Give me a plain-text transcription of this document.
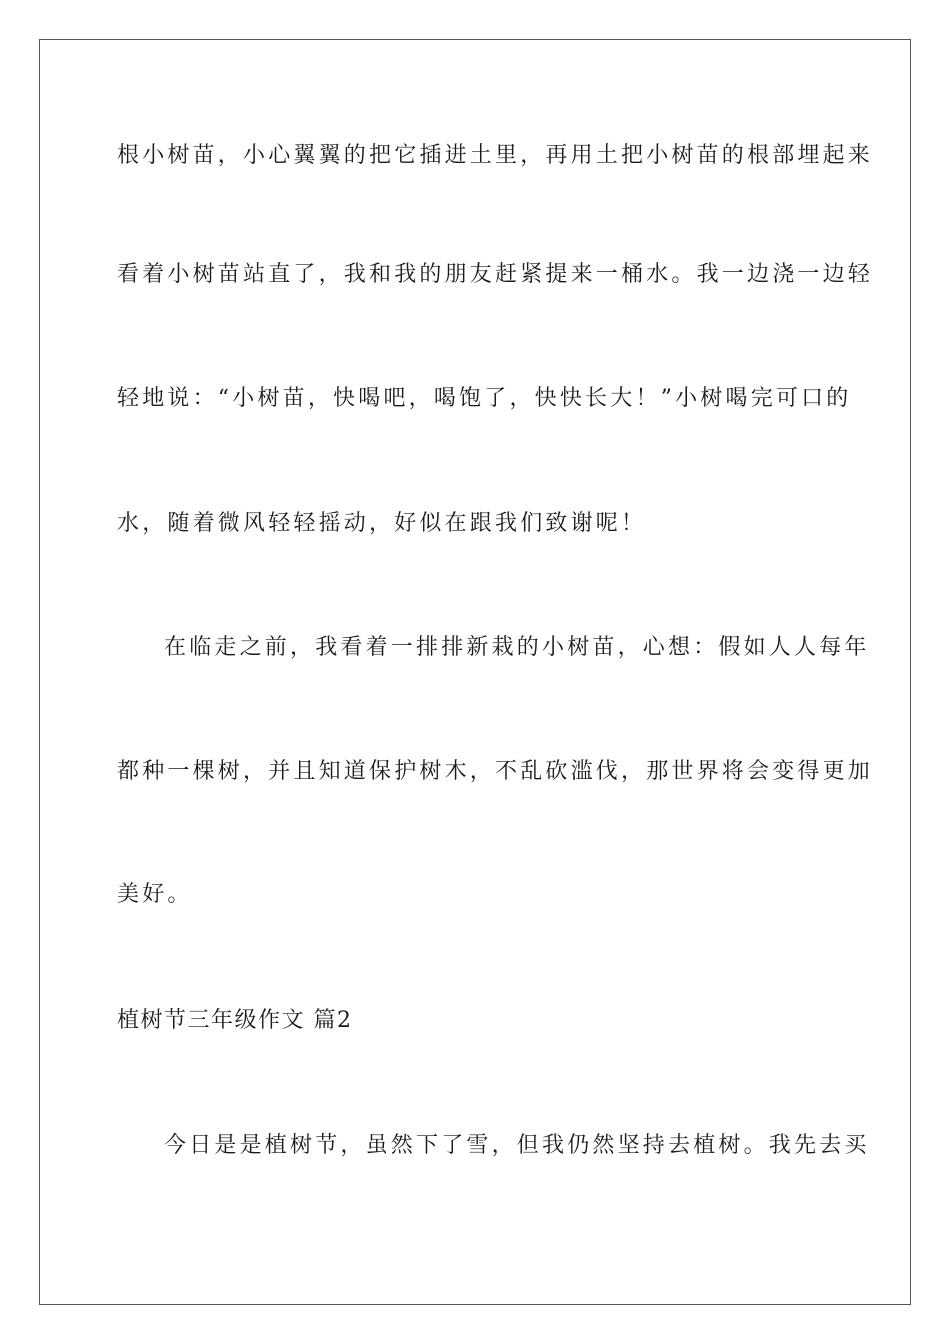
根小树苗，小心翼翼的把它插进土里，再用土把小树苗的根部埋起来
看着小树苗站直了，我和我的朋友赶紧提来一桶水。我一边浇一边轻
轻地说：“小树苗，快喝吧，喝饱了，快快长大！”小树喝完可口的
水，随着微风轻轻摇动，好似在跟我们致谢呢！
在临走之前，我看着一排排新栽的小树苗，心想：假如人人每年
都种一棵树，并且知道保护树木，不乱砍滥伐，那世界将会变得更加
美好。
植树节三年级作文 篇2
今日是是植树节，虽然下了雪，但我仍然坚持去植树。我先去买
